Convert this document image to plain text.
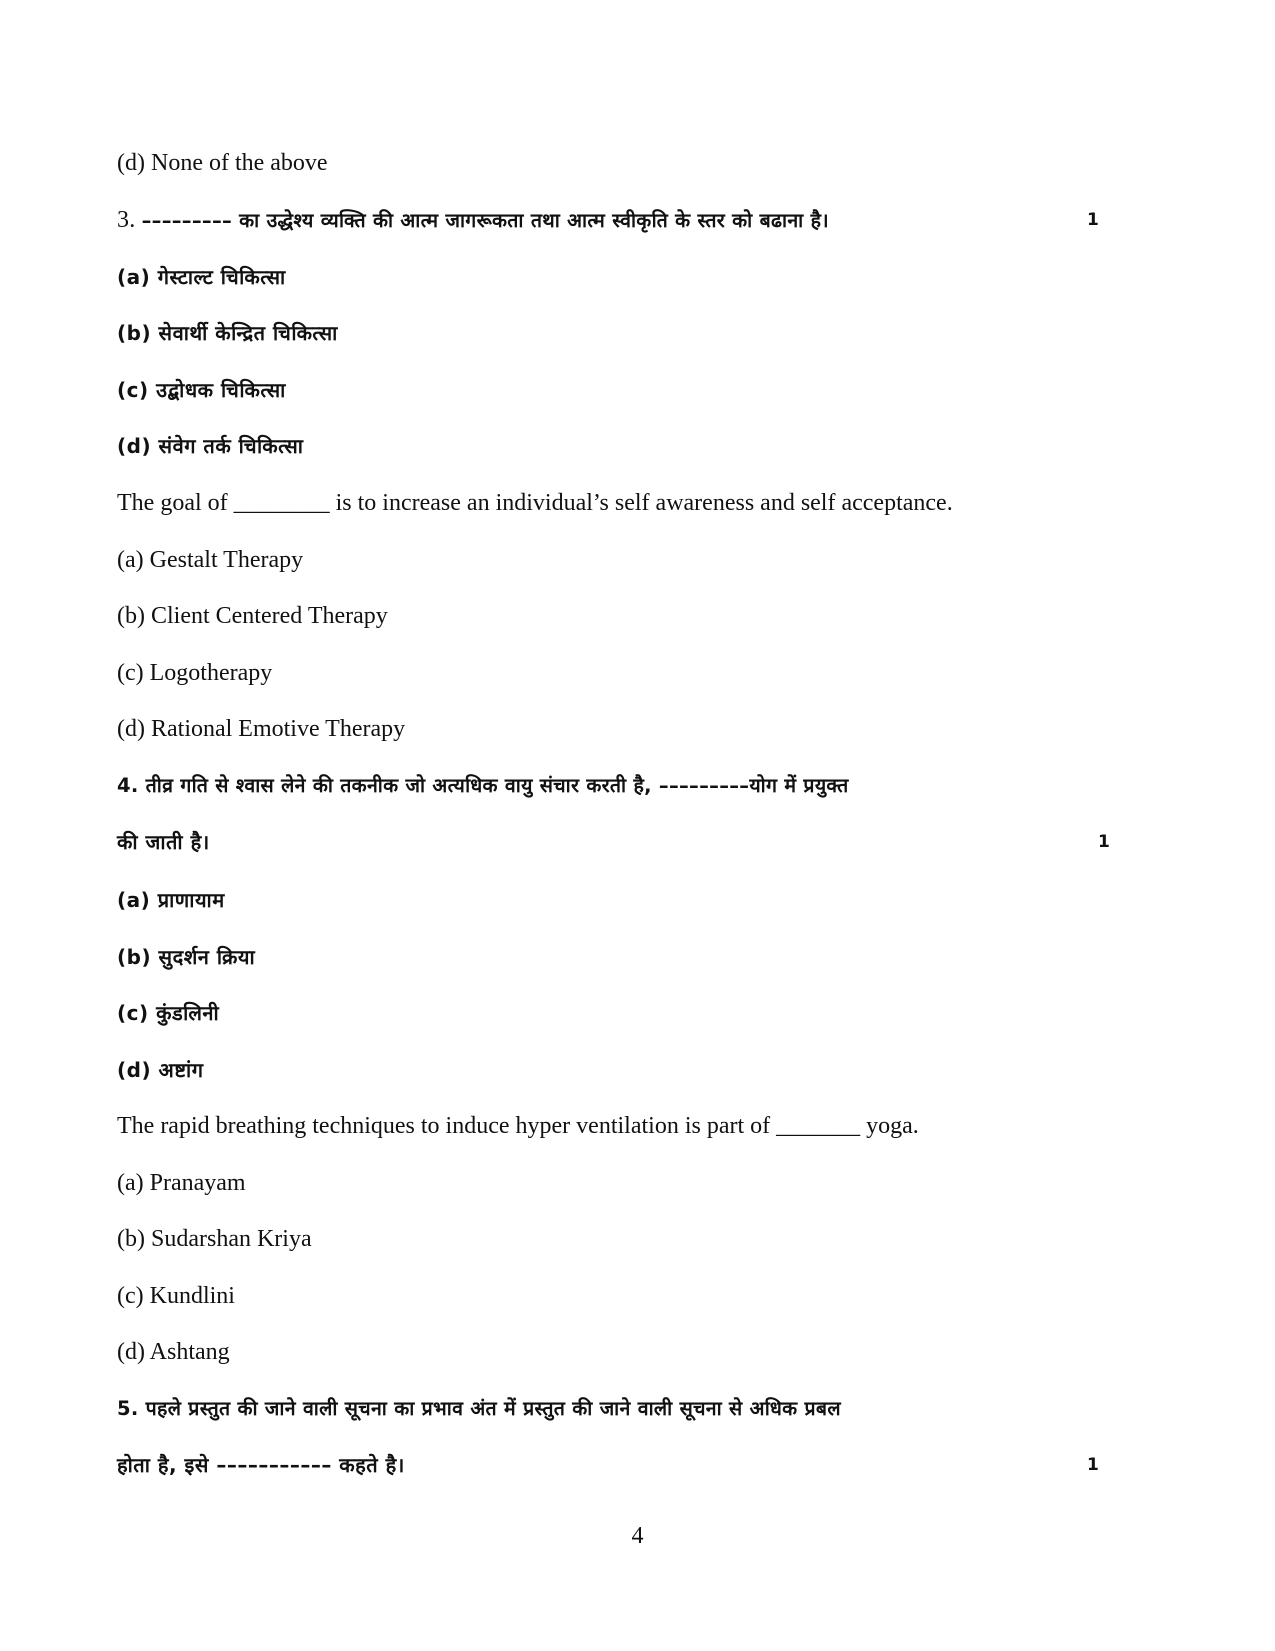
(d) None of the above
3. ––––––––– का उद्धेश्य व्यक्ति की आत्म जागरूकता तथा आत्म स्वीकृति के स्तर को बढाना है।	1
(a) गेस्टाल्ट चिकित्सा
(b) सेवार्थी केन्द्रित चिकित्सा
(c) उद्बोधक चिकित्सा
(d) संवेग तर्क चिकित्सा
The goal of ________ is to increase an individual’s self awareness and self acceptance.
(a) Gestalt Therapy
(b) Client Centered Therapy
(c) Logotherapy
(d) Rational Emotive Therapy
4. तीव्र गति से श्वास लेने की तकनीक जो अत्यधिक वायु संचार करती है, –––––––––योग में प्रयुक्त
की जाती है।	1
(a) प्राणायाम
(b) सुदर्शन क्रिया
(c) कुंडलिनी
(d) अष्टांग
The rapid breathing techniques to induce hyper ventilation is part of _______ yoga.
(a) Pranayam
(b) Sudarshan Kriya
(c) Kundlini
(d) Ashtang
5. पहले प्रस्तुत की जाने वाली सूचना का प्रभाव अंत में प्रस्तुत की जाने वाली सूचना से अधिक प्रबल
होता है, इसे ––––––––––– कहते है।	1
4
